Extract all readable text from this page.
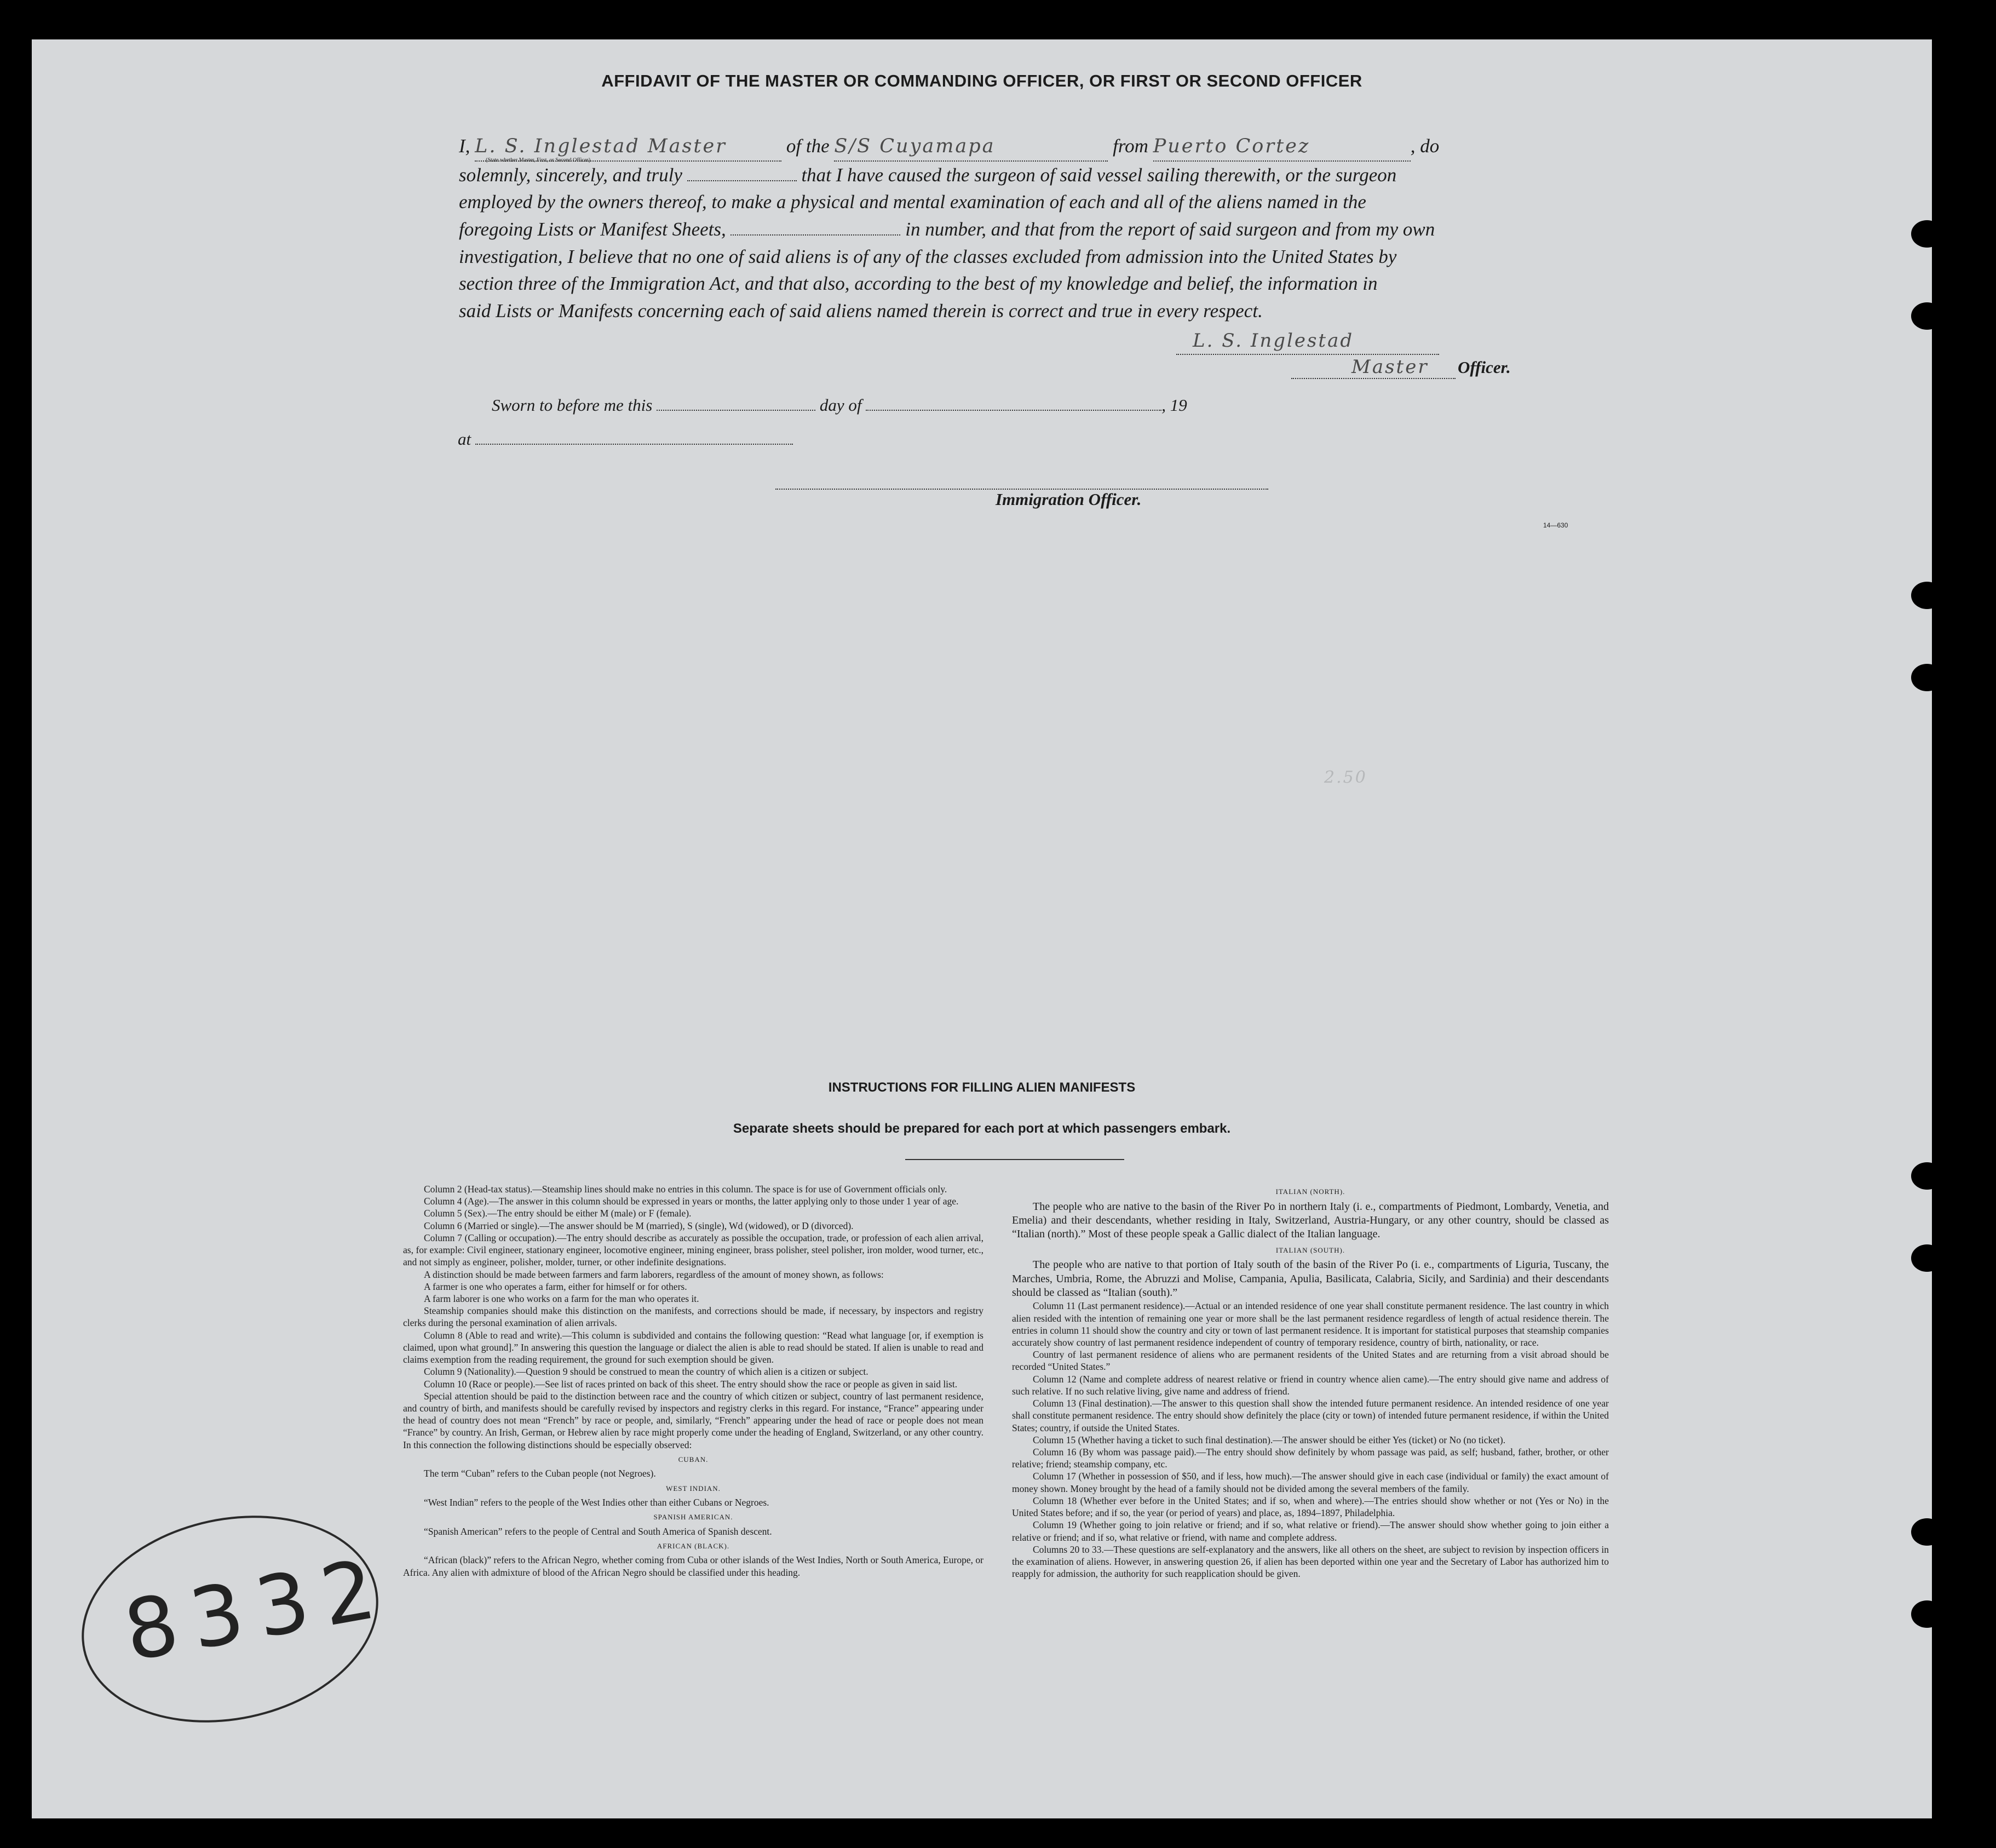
AFFIDAVIT OF THE MASTER OR COMMANDING OFFICER, OR FIRST OR SECOND OFFICER
I, L. S. Inglestad Master
(State whether Master, First, or Second Officer)
of the S/S Cuyamapa	from Puerto Cortez	, do
solemnly, sincerely, and truly	that I have caused the surgeon of said vessel sailing therewith, or the surgeon
employed by the owners thereof, to make a physical and mental examination of each and all of the aliens named in the
foregoing Lists or Manifest Sheets,	in number, and that from the report of said surgeon and from my own
investigation, I believe that no one of said aliens is of any of the classes excluded from admission into the United States by
section three of the Immigration Act, and that also, according to the best of my knowledge and belief, the information in
said Lists or Manifests concerning each of said aliens named therein is correct and true in every respect.
L. S. Inglestad
Master Officer.
Sworn to before me this	day of	, 19
at
Immigration Officer.
14—630
2.50
INSTRUCTIONS FOR FILLING ALIEN MANIFESTS
Separate sheets should be prepared for each port at which passengers embark.

Column 2 (Head-tax status).—Steamship lines should make no entries in this column. The space is for use of Government officials only.

Column 4 (Age).—The answer in this column should be expressed in years or months, the latter applying only to those under 1 year of age.

Column 5 (Sex).—The entry should be either M (male) or F (female).

Column 6 (Married or single).—The answer should be M (married), S (single), Wd (widowed), or D (divorced).

Column 7 (Calling or occupation).—The entry should describe as accurately as possible the occupation, trade, or profession of each alien arrival, as, for example: Civil engineer, stationary engineer, locomotive engineer, mining engineer, brass polisher, steel polisher, iron molder, wood turner, etc., and not simply as engineer, polisher, molder, turner, or other indefinite designations.

A distinction should be made between farmers and farm laborers, regardless of the amount of money shown, as follows:

A farmer is one who operates a farm, either for himself or for others.

A farm laborer is one who works on a farm for the man who operates it.

Steamship companies should make this distinction on the manifests, and corrections should be made, if necessary, by inspectors and registry clerks during the personal examination of alien arrivals.

Column 8 (Able to read and write).—This column is subdivided and contains the following question: “Read what language [or, if exemption is claimed, upon what ground].” In answering this question the language or dialect the alien is able to read should be stated. If alien is unable to read and claims exemption from the reading requirement, the ground for such exemption should be given.

Column 9 (Nationality).—Question 9 should be construed to mean the country of which alien is a citizen or subject.

Column 10 (Race or people).—See list of races printed on back of this sheet. The entry should show the race or people as given in said list.

Special attention should be paid to the distinction between race and the country of which citizen or subject, country of last permanent residence, and country of birth, and manifests should be carefully revised by inspectors and registry clerks in this regard. For instance, “France” appearing under the head of country does not mean “French” by race or people, and, similarly, “French” appearing under the head of race or people does not mean “France” by country. An Irish, German, or Hebrew alien by race might properly come under the heading of England, Switzerland, or any other country. In this connection the following distinctions should be especially observed:

CUBAN.

The term “Cuban” refers to the Cuban people (not Negroes).

WEST INDIAN.

“West Indian” refers to the people of the West Indies other than either Cubans or Negroes.

SPANISH AMERICAN.

“Spanish American” refers to the people of Central and South America of Spanish descent.

AFRICAN (BLACK).

“African (black)” refers to the African Negro, whether coming from Cuba or other islands of the West Indies, North or South America, Europe, or Africa. Any alien with admixture of blood of the African Negro should be classified under this heading.

ITALIAN (NORTH).

The people who are native to the basin of the River Po in northern Italy (i. e., compartments of Piedmont, Lombardy, Venetia, and Emelia) and their descendants, whether residing in Italy, Switzerland, Austria-Hungary, or any other country, should be classed as “Italian (north).” Most of these people speak a Gallic dialect of the Italian language.

ITALIAN (SOUTH).

The people who are native to that portion of Italy south of the basin of the River Po (i. e., compartments of Liguria, Tuscany, the Marches, Umbria, Rome, the Abruzzi and Molise, Campania, Apulia, Basilicata, Calabria, Sicily, and Sardinia) and their descendants should be classed as “Italian (south).”

Column 11 (Last permanent residence).—Actual or an intended residence of one year shall constitute permanent residence. The last country in which alien resided with the intention of remaining one year or more shall be the last permanent residence regardless of length of actual residence therein. The entries in column 11 should show the country and city or town of last permanent residence. It is important for statistical purposes that steamship companies accurately show country of last permanent residence independent of country of temporary residence, country of birth, nationality, or race.

Country of last permanent residence of aliens who are permanent residents of the United States and are returning from a visit abroad should be recorded “United States.”

Column 12 (Name and complete address of nearest relative or friend in country whence alien came).—The entry should give name and address of such relative. If no such relative living, give name and address of friend.

Column 13 (Final destination).—The answer to this question shall show the intended future permanent residence. An intended residence of one year shall constitute permanent residence. The entry should show definitely the place (city or town) of intended future permanent residence, if within the United States; country, if outside the United States.

Column 15 (Whether having a ticket to such final destination).—The answer should be either Yes (ticket) or No (no ticket).

Column 16 (By whom was passage paid).—The entry should show definitely by whom passage was paid, as self; husband, father, brother, or other relative; friend; steamship company, etc.

Column 17 (Whether in possession of $50, and if less, how much).—The answer should give in each case (individual or family) the exact amount of money shown. Money brought by the head of a family should not be divided among the several members of the family.

Column 18 (Whether ever before in the United States; and if so, when and where).—The entries should show whether or not (Yes or No) in the United States before; and if so, the year (or period of years) and place, as, 1894–1897, Philadelphia.

Column 19 (Whether going to join relative or friend; and if so, what relative or friend).—The answer should show whether going to join either a relative or friend; and if so, what relative or friend, with name and complete address.

Columns 20 to 33.—These questions are self-explanatory and the answers, like all others on the sheet, are subject to revision by inspection officers in the examination of aliens. However, in answering question 26, if alien has been deported within one year and the Secretary of Labor has authorized him to reapply for admission, the authority for such reapplication should be given.

8332
